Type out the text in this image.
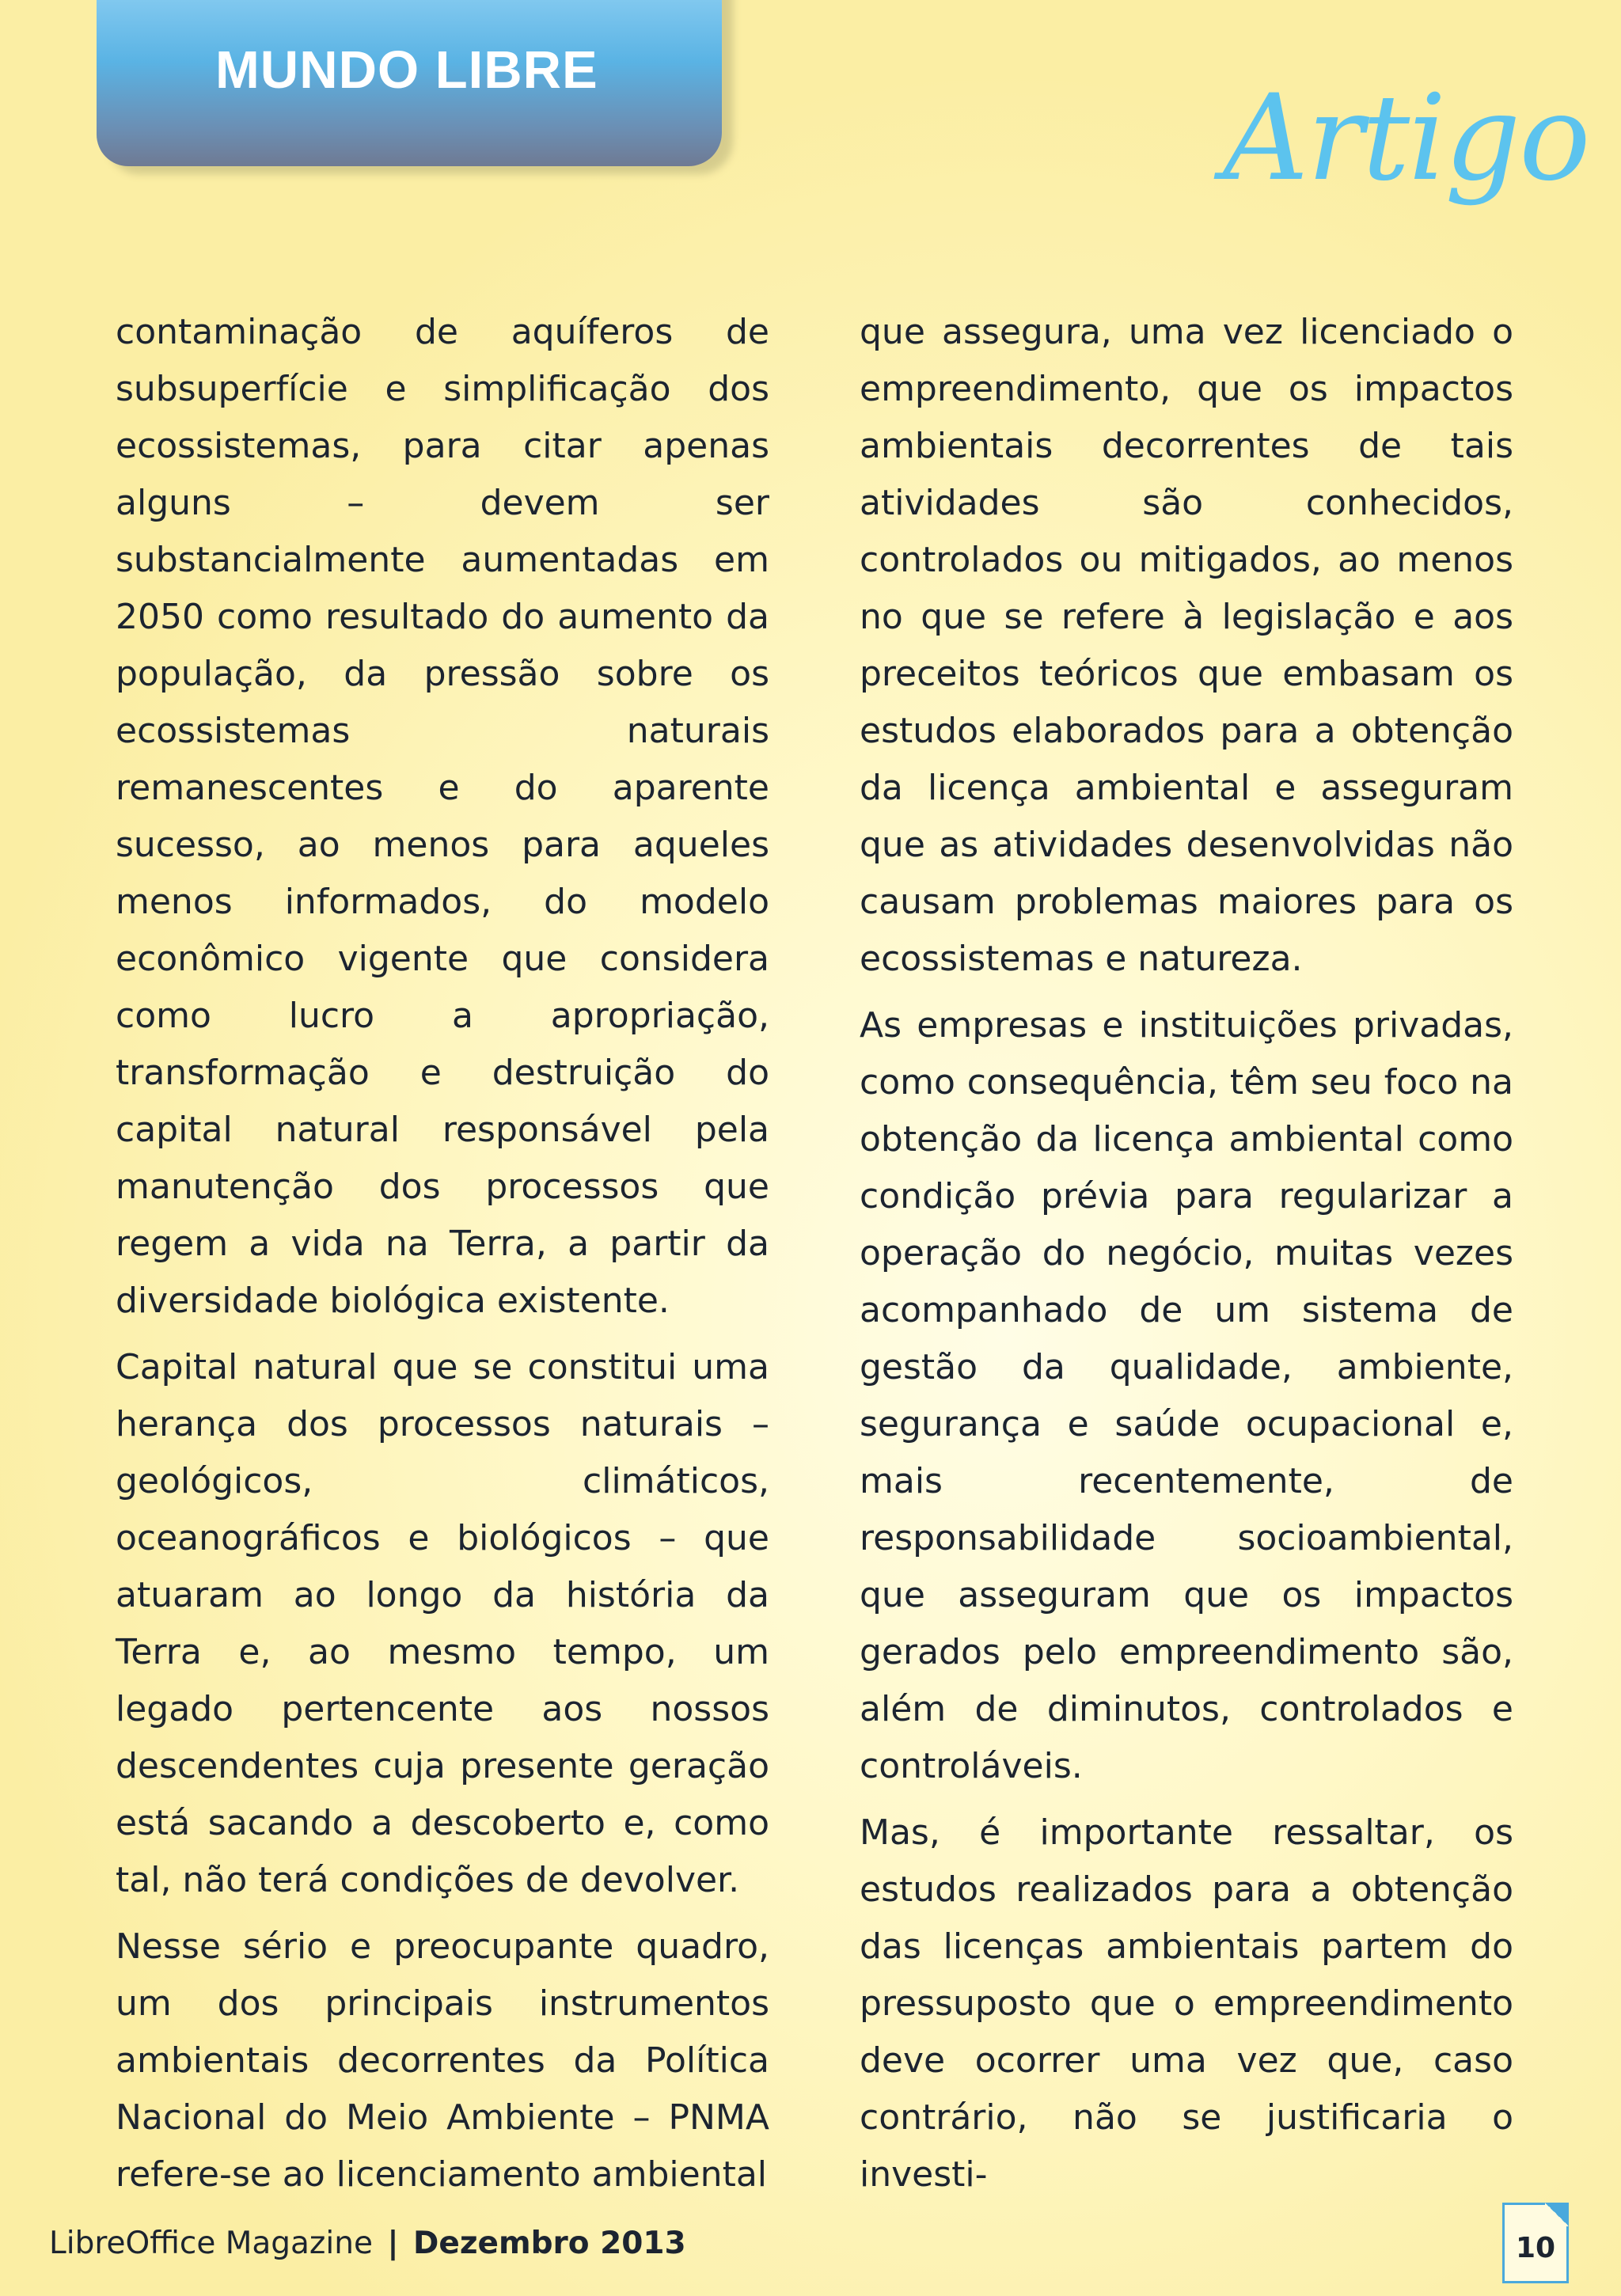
MUNDO LIBRE	Artigo

contaminação de aquíferos de subsuperfície e simplificação dos ecossistemas, para citar apenas alguns – devem ser substancialmente aumentadas em 2050 como resultado do aumento da população, da pressão sobre os ecossistemas naturais remanescentes e do aparente sucesso, ao menos para aqueles menos informados, do modelo econômico vigente que considera como lucro a apropriação, transformação e destruição do capital natural responsável pela manutenção dos processos que regem a vida na Terra, a partir da diversidade biológica existente.

Capital natural que se constitui uma herança dos processos naturais – geológicos, climáticos, oceanográficos e biológicos – que atuaram ao longo da história da Terra e, ao mesmo tempo, um legado pertencente aos nossos descendentes cuja presente geração está sacando a descoberto e, como tal, não terá condições de devolver.

Nesse sério e preocupante quadro, um dos principais instrumentos ambientais decorrentes da Política Nacional do Meio Ambiente – PNMA refere-se ao licenciamento ambiental

que assegura, uma vez licenciado o empreendimento, que os impactos ambientais decorrentes de tais atividades são conhecidos, controlados ou mitigados, ao menos no que se refere à legislação e aos preceitos teóricos que embasam os estudos elaborados para a obtenção da licença ambiental e asseguram que as atividades desenvolvidas não causam problemas maiores para os ecossistemas e natureza.

As empresas e instituições privadas, como consequência, têm seu foco na obtenção da licença ambiental como condição prévia para regularizar a operação do negócio, muitas vezes acompanhado de um sistema de gestão da qualidade, ambiente, segurança e saúde ocupacional e, mais recentemente, de responsabilidade socioambiental, que asseguram que os impactos gerados pelo empreendimento são, além de diminutos, controlados e controláveis.

Mas, é importante ressaltar, os estudos realizados para a obtenção das licenças ambientais partem do pressuposto que o empreendimento deve ocorrer uma vez que, caso contrário, não se justificaria o investi-

LibreOffice Magazine | Dezembro 2013	10
